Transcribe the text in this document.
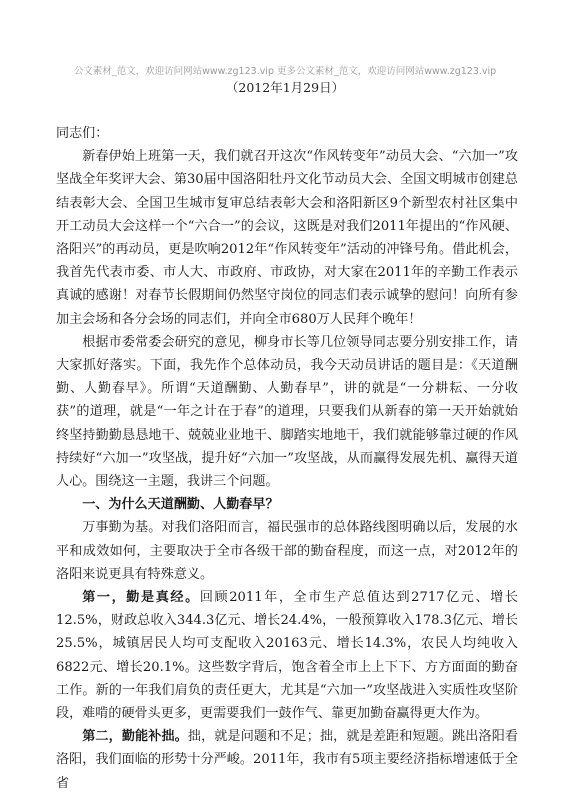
公文素材_范文，欢迎访问网站www.zg123.vip 更多公文素材_范文，欢迎访问网站www.zg123.vip
（2012年1月29日）

同志们：

新春伊始上班第一天，我们就召开这次“作风转变年”动员大会、“六加一”攻坚战全年奖评大会、第30届中国洛阳牡丹文化节动员大会、全国文明城市创建总结表彰大会、全国卫生城市复审总结表彰大会和洛阳新区9个新型农村社区集中开工动员大会这样一个“六合一”的会议，这既是对我们2011年提出的“作风硬、洛阳兴”的再动员，更是吹响2012年“作风转变年”活动的冲锋号角。借此机会，我首先代表市委、市人大、市政府、市政协，对大家在2011年的辛勤工作表示真诚的感谢！对春节长假期间仍然坚守岗位的同志们表示诚挚的慰问！向所有参加主会场和各分会场的同志们，并向全市680万人民拜个晚年！

根据市委常委会研究的意见，柳身市长等几位领导同志要分别安排工作，请大家抓好落实。下面，我先作个总体动员，我今天动员讲话的题目是：《天道酬勤、人勤春早》。所谓“天道酬勤、人勤春早”，讲的就是“一分耕耘、一分收获”的道理，就是“一年之计在于春”的道理，只要我们从新春的第一天开始就始终坚持勤勤恳恳地干、兢兢业业地干、脚踏实地地干，我们就能够靠过硬的作风持续好“六加一”攻坚战，提升好“六加一”攻坚战，从而赢得发展先机、赢得天道人心。围绕这一主题，我讲三个问题。

一、为什么天道酬勤、人勤春早？

万事勤为基。对我们洛阳而言，福民强市的总体路线图明确以后，发展的水平和成效如何，主要取决于全市各级干部的勤奋程度，而这一点，对2012年的洛阳来说更具有特殊意义。

第一，勤是真经。回顾2011年，全市生产总值达到2717亿元、增长12.5%，财政总收入344.3亿元、增长24.4%，一般预算收入178.3亿元、增长25.5%，城镇居民人均可支配收入20163元、增长14.3%，农民人均纯收入6822元、增长20.1%。这些数字背后，饱含着全市上上下下、方方面面的勤奋工作。新的一年我们肩负的责任更大，尤其是“六加一”攻坚战进入实质性攻坚阶段，难啃的硬骨头更多，更需要我们一鼓作气、靠更加勤奋赢得更大作为。

第二，勤能补拙。拙，就是问题和不足；拙，就是差距和短题。跳出洛阳看洛阳，我们面临的形势十分严峻。2011年，我市有5项主要经济指标增速低于全省
